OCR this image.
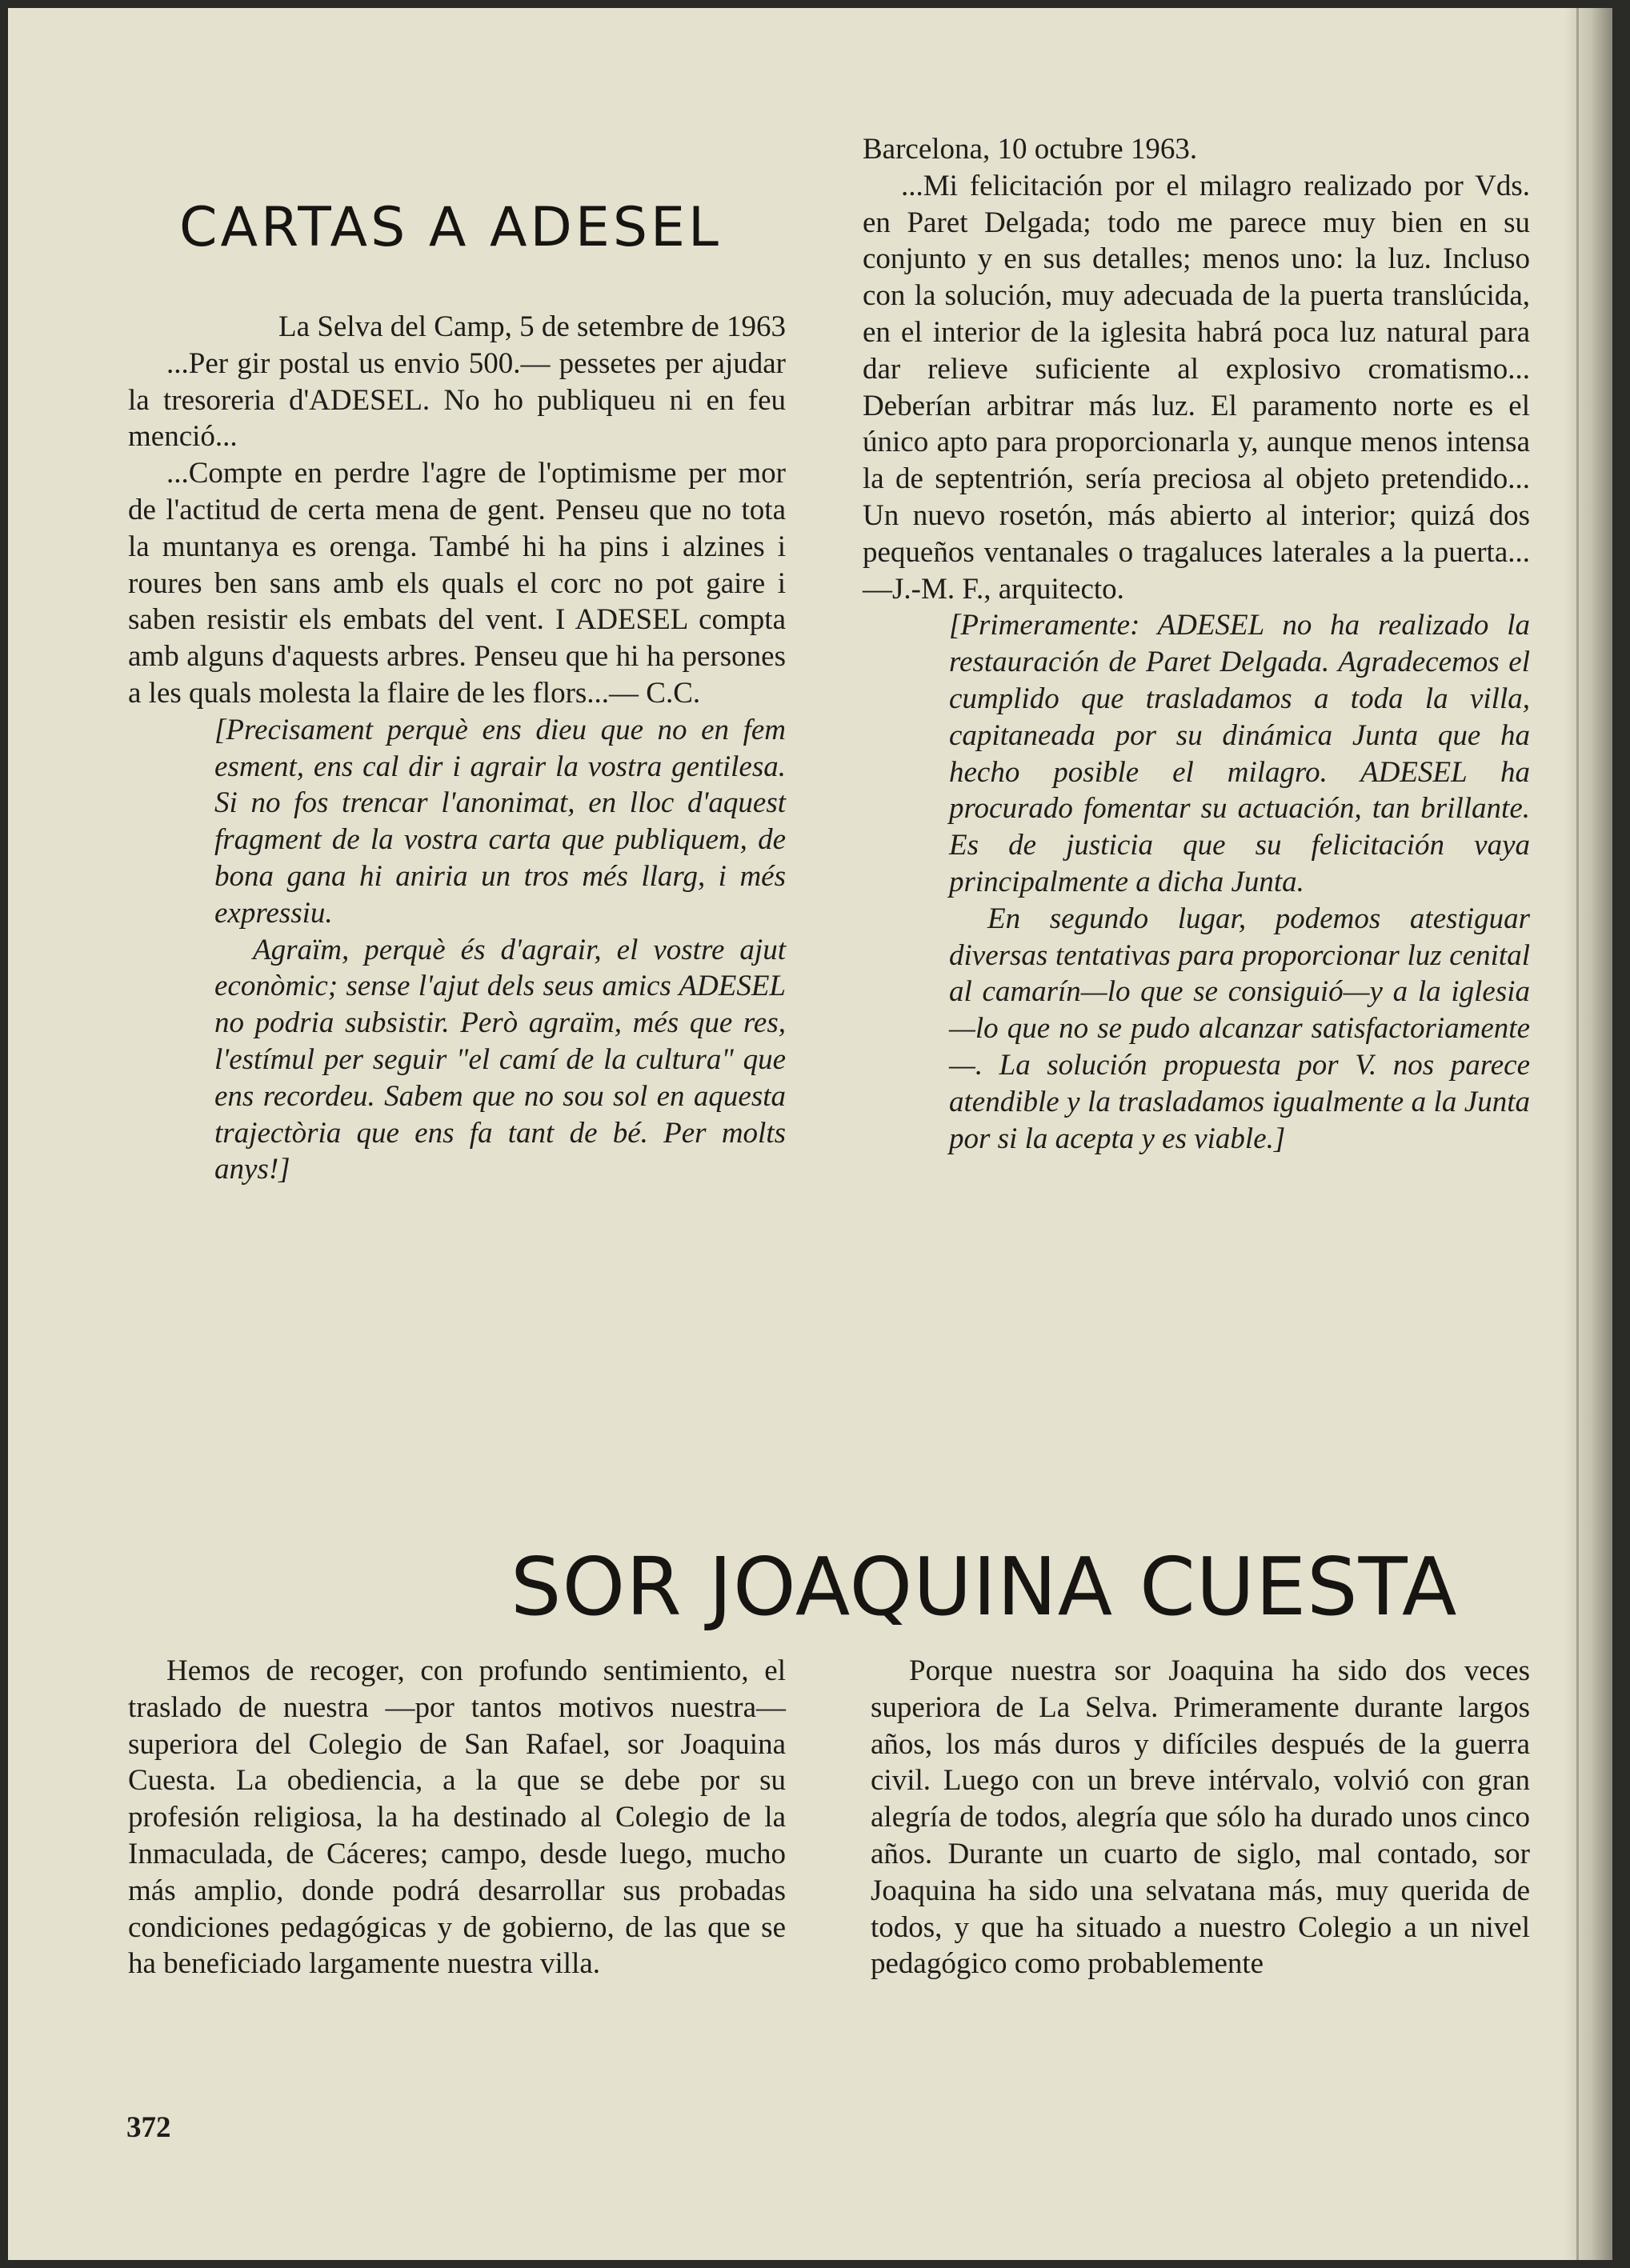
CARTAS A ADESEL

La Selva del Camp, 5 de setembre de 1963

...Per gir postal us envio 500.— pessetes per ajudar la tresoreria d'ADESEL. No ho publiqueu ni en feu menció...

...Compte en perdre l'agre de l'optimisme per mor de l'actitud de certa mena de gent. Penseu que no tota la muntanya es orenga. També hi ha pins i alzines i roures ben sans amb els quals el corc no pot gaire i saben resistir els embats del vent. I ADESEL compta amb alguns d'aquests arbres. Penseu que hi ha persones a les quals molesta la flaire de les flors...— C.C.

[Precisament perquè ens dieu que no en fem esment, ens cal dir i agrair la vostra gentilesa. Si no fos trencar l'anonimat, en lloc d'aquest fragment de la vostra carta que publiquem, de bona gana hi aniria un tros més llarg, i més expressiu.

Agraïm, perquè és d'agrair, el vostre ajut econòmic; sense l'ajut dels seus amics ADESEL no podria subsistir. Però agraïm, més que res, l'estímul per seguir "el camí de la cultura" que ens recordeu. Sabem que no sou sol en aquesta trajectòria que ens fa tant de bé. Per molts anys!]

Barcelona, 10 octubre 1963.

...Mi felicitación por el milagro realizado por Vds. en Paret Delgada; todo me parece muy bien en su conjunto y en sus detalles; menos uno: la luz. Incluso con la solución, muy adecuada de la puerta translúcida, en el interior de la iglesita habrá poca luz natural para dar relieve suficiente al explosivo cromatismo... Deberían arbitrar más luz. El paramento norte es el único apto para proporcionarla y, aunque menos intensa la de septentrión, sería preciosa al objeto pretendido... Un nuevo rosetón, más abierto al interior; quizá dos pequeños ventanales o tragaluces laterales a la puerta...—J.-M. F., arquitecto.

[Primeramente: ADESEL no ha realizado la restauración de Paret Delgada. Agradecemos el cumplido que trasladamos a toda la villa, capitaneada por su dinámica Junta que ha hecho posible el milagro. ADESEL ha procurado fomentar su actuación, tan brillante. Es de justicia que su felicitación vaya principalmente a dicha Junta.

En segundo lugar, podemos atestiguar diversas tentativas para proporcionar luz cenital al camarín—lo que se consiguió—y a la iglesia—lo que no se pudo alcanzar satisfactoriamente—. La solución propuesta por V. nos parece atendible y la trasladamos igualmente a la Junta por si la acepta y es viable.]

SOR JOAQUINA CUESTA

Hemos de recoger, con profundo sentimiento, el traslado de nuestra —por tantos motivos nuestra— superiora del Colegio de San Rafael, sor Joaquina Cuesta. La obediencia, a la que se debe por su profesión religiosa, la ha destinado al Colegio de la Inmaculada, de Cáceres; campo, desde luego, mucho más amplio, donde podrá desarrollar sus probadas condiciones pedagógicas y de gobierno, de las que se ha beneficiado largamente nuestra villa.

Porque nuestra sor Joaquina ha sido dos veces superiora de La Selva. Primeramente durante largos años, los más duros y difíciles después de la guerra civil. Luego con un breve intérvalo, volvió con gran alegría de todos, alegría que sólo ha durado unos cinco años. Durante un cuarto de siglo, mal contado, sor Joaquina ha sido una selvatana más, muy querida de todos, y que ha situado a nuestro Colegio a un nivel pedagógico como probablemente

372
